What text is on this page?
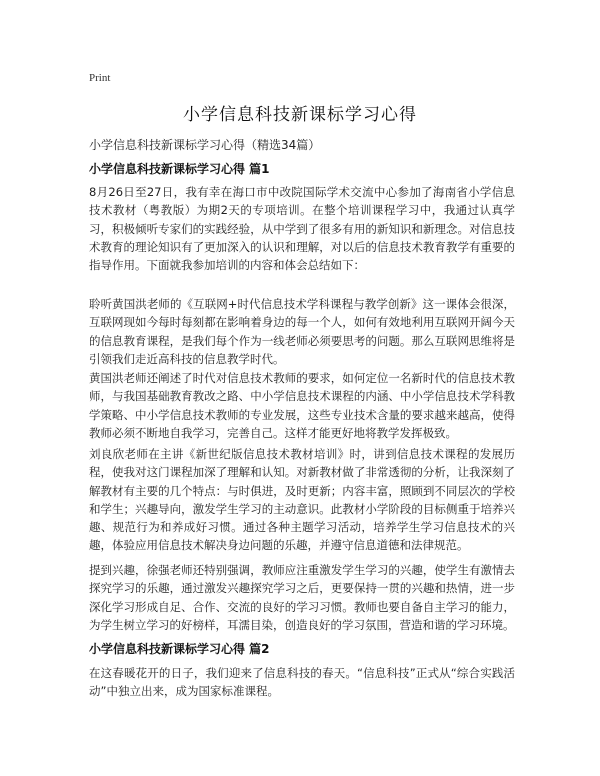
Print
小学信息科技新课标学习心得
小学信息科技新课标学习心得（精选34篇）
小学信息科技新课标学习心得 篇1

8月26日至27日，我有幸在海口市中改院国际学术交流中心参加了海南省小学信息技术教材（粤教版）为期2天的专项培训。在整个培训课程学习中，我通过认真学习，积极倾听专家们的实践经验，从中学到了很多有用的新知识和新理念。对信息技术教育的理论知识有了更加深入的认识和理解，对以后的信息技术教育教学有重要的指导作用。下面就我参加培训的内容和体会总结如下：

聆听黄国洪老师的《互联网+时代信息技术学科课程与教学创新》这一课体会很深，互联网现如今每时每刻都在影响着身边的每一个人，如何有效地利用互联网开阔今天的信息教育课程，是我们每个作为一线老师必须要思考的问题。那么互联网思维将是引领我们走近高科技的信息教学时代。

黄国洪老师还阐述了时代对信息技术教师的要求，如何定位一名新时代的信息技术教师，与我国基础教育教改之路、中小学信息技术课程的内涵、中小学信息技术学科教学策略、中小学信息技术教师的专业发展，这些专业技术含量的要求越来越高，使得教师必须不断地自我学习，完善自己。这样才能更好地将教学发挥极致。

刘良欣老师在主讲《新世纪版信息技术教材培训》时，讲到信息技术课程的发展历程，使我对这门课程加深了理解和认知。对新教材做了非常透彻的分析，让我深刻了解教材有主要的几个特点：与时俱进，及时更新；内容丰富，照顾到不同层次的学校和学生；兴趣导向，激发学生学习的主动意识。此教材小学阶段的目标侧重于培养兴趣、规范行为和养成好习惯。通过各种主题学习活动，培养学生学习信息技术的兴趣，体验应用信息技术解决身边问题的乐趣，并遵守信息道德和法律规范。

提到兴趣，徐强老师还特别强调，教师应注重激发学生学习的兴趣，使学生有激情去探究学习的乐趣，通过激发兴趣探究学习之后，更要保持一贯的兴趣和热情，进一步深化学习形成自足、合作、交流的良好的学习习惯。教师也要自备自主学习的能力，为学生树立学习的好榜样，耳濡目染，创造良好的学习氛围，营造和谐的学习环境。

小学信息科技新课标学习心得 篇2

在这春暖花开的日子，我们迎来了信息科技的春天。“信息科技”正式从“综合实践活动”中独立出来，成为国家标准课程。
